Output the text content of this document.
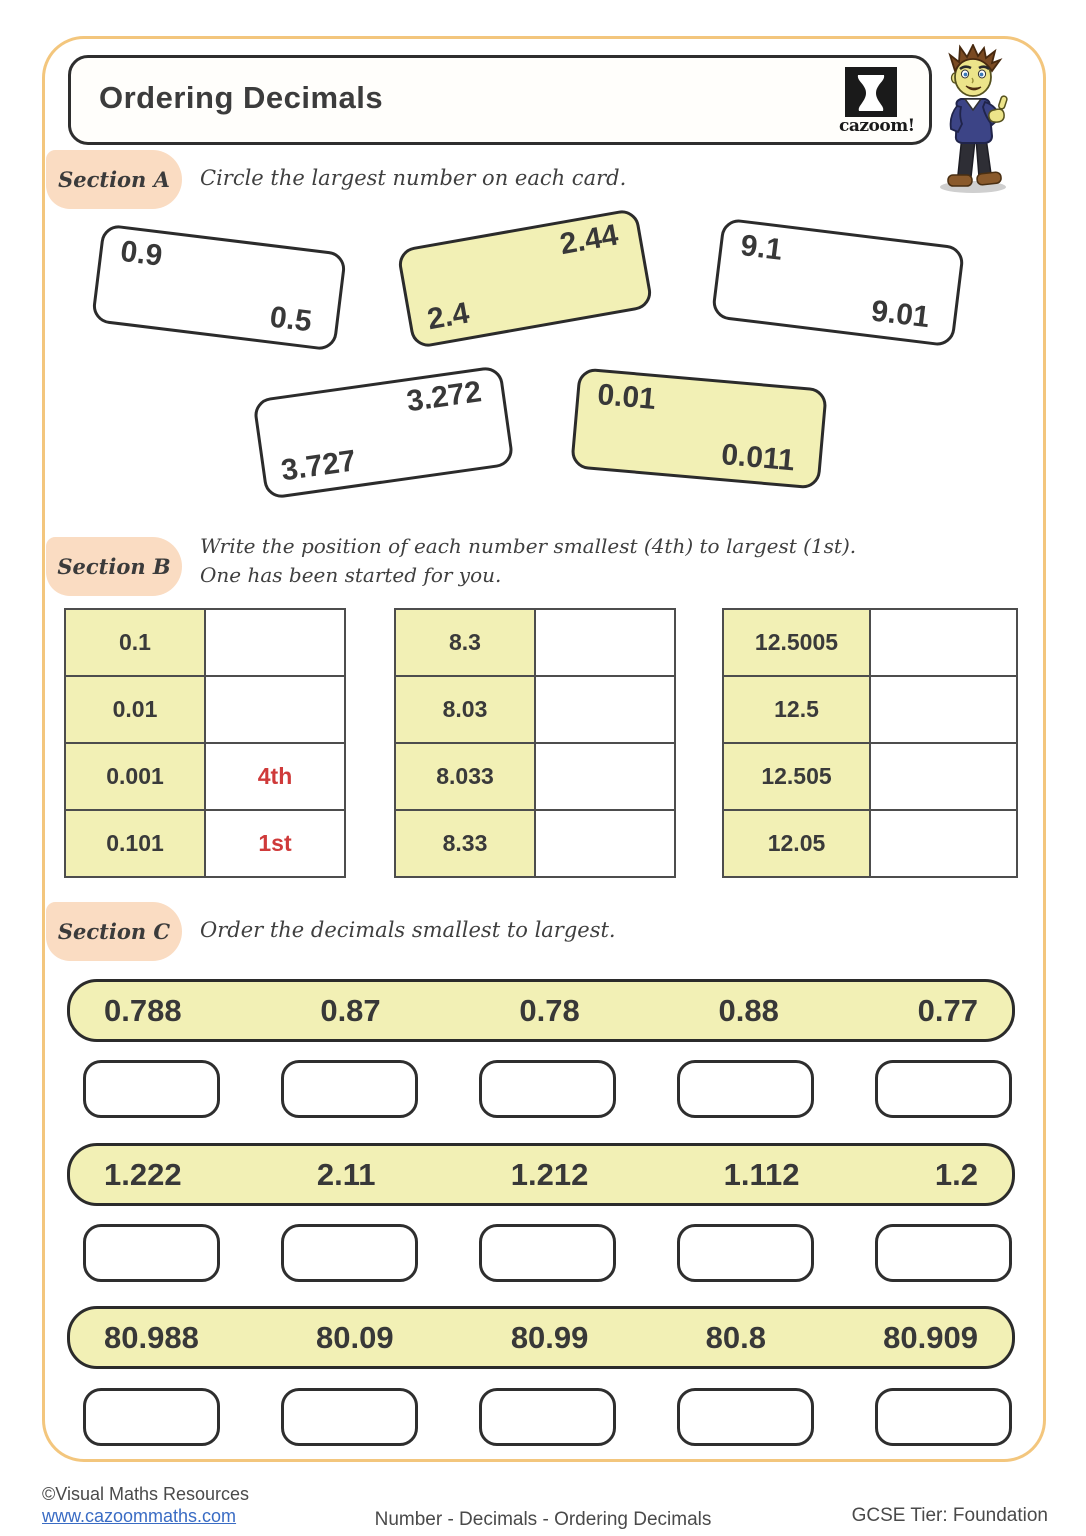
Ordering Decimals
cazoom!
Section A Circle the largest number on each card.
0.9
0.5	2.4
2.44	9.1
9.01
3.727
3.272	0.01
0.011
Section B
Write the position of each number smallest (4th) to largest (1st).
One has been started for you.
0.1
0.01
0.001	4th
0.101	1st
8.3
8.03
8.033
8.33
12.5005
12.5
12.505
12.05
Section C Order the decimals smallest to largest.
0.788	0.87	0.78	0.88	0.77
1.222	2.11	1.212	1.112	1.2
80.988	80.09	80.99	80.8	80.909
©Visual Maths Resources
www.cazoommaths.com	Number - Decimals - Ordering Decimals	GCSE Tier: Foundation
